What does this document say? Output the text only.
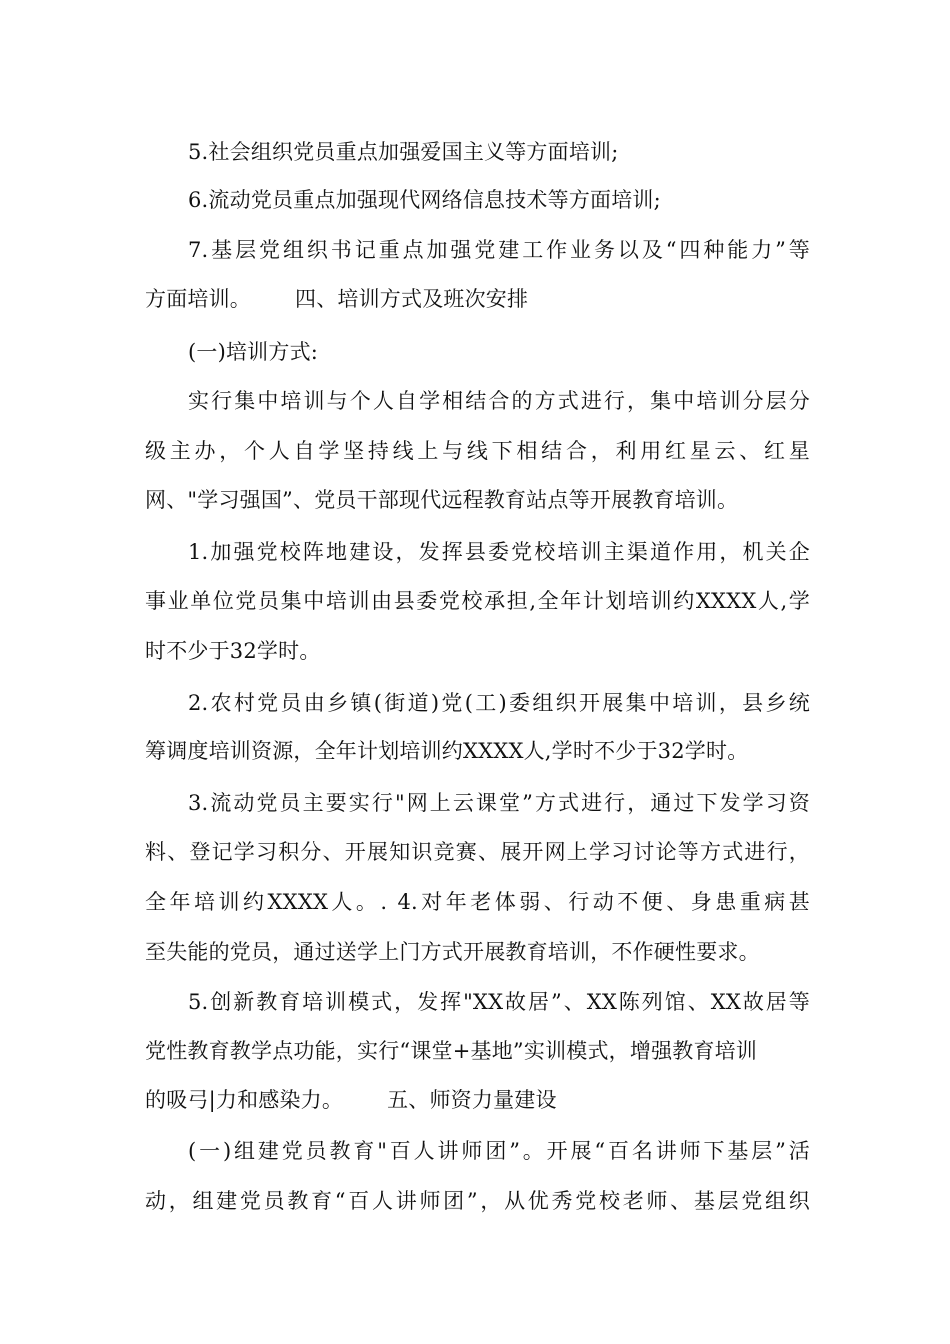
5.社会组织党员重点加强爱国主义等方面培训;
6.流动党员重点加强现代网络信息技术等方面培训;
7.基层党组织书记重点加强党建工作业务以及“四种能力”等
方面培训。 四、培训方式及班次安排
(一)培训方式:
实行集中培训与个人自学相结合的方式进行，集中培训分层分
级主办，个人自学坚持线上与线下相结合，利用红星云、红星
网、"学习强国”、党员干部现代远程教育站点等开展教育培训。
1.加强党校阵地建设，发挥县委党校培训主渠道作用，机关企
事业单位党员集中培训由县委党校承担,全年计划培训约XXXX人,学
时不少于32学时。
2.农村党员由乡镇(街道)党(工)委组织开展集中培训，县乡统
筹调度培训资源，全年计划培训约XXXX人,学时不少于32学时。
3.流动党员主要实行"网上云课堂”方式进行，通过下发学习资
料、登记学习积分、开展知识竞赛、展开网上学习讨论等方式进行，
全年培训约XXXX人。. 4.对年老体弱、行动不便、身患重病甚
至失能的党员，通过送学上门方式开展教育培训，不作硬性要求。
5.创新教育培训模式，发挥"XX故居”、XX陈列馆、XX故居等
党性教育教学点功能，实行“课堂+基地”实训模式，增强教育培训
的吸弓|力和感染力。 五、师资力量建设
(一)组建党员教育"百人讲师团”。开展“百名讲师下基层”活
动，组建党员教育“百人讲师团”，从优秀党校老师、基层党组织
